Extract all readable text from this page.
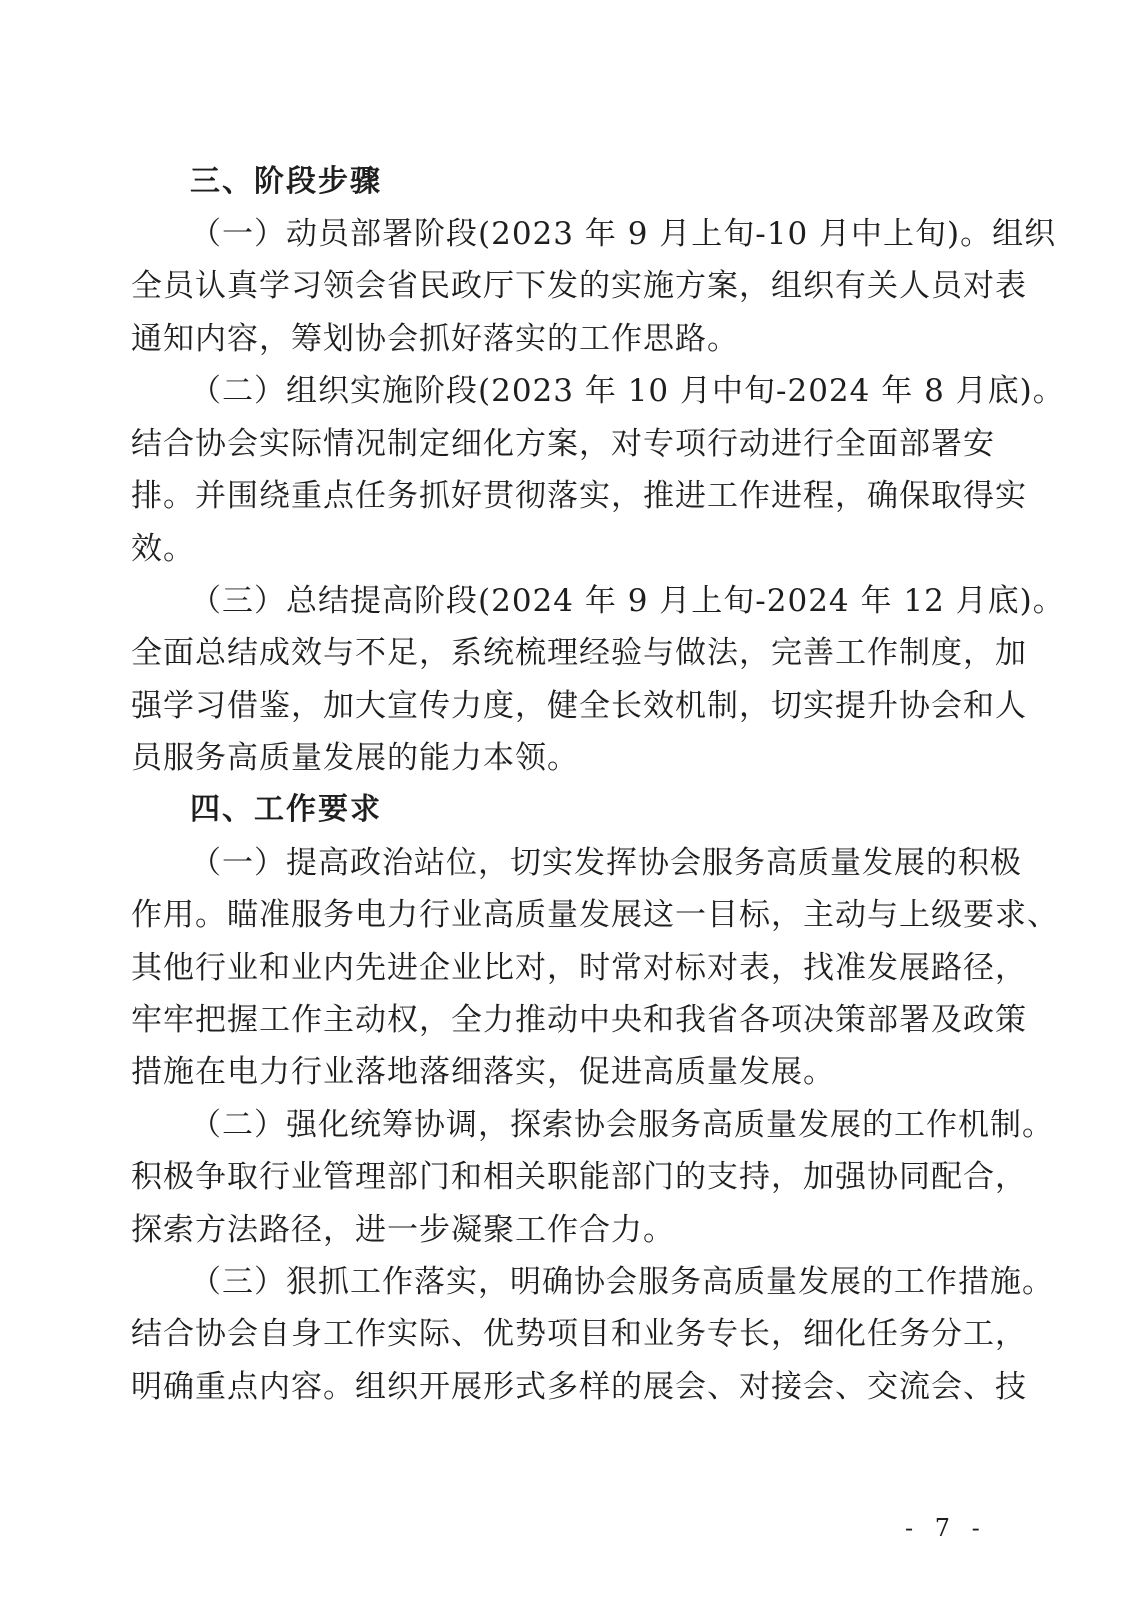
三、阶段步骤
（一）动员部署阶段(2023 年 9 月上旬-10 月中上旬)。组织
全员认真学习领会省民政厅下发的实施方案，组织有关人员对表
通知内容，筹划协会抓好落实的工作思路。
（二）组织实施阶段(2023 年 10 月中旬-2024 年 8 月底)。
结合协会实际情况制定细化方案，对专项行动进行全面部署安
排。并围绕重点任务抓好贯彻落实，推进工作进程，确保取得实
效。
（三）总结提高阶段(2024 年 9 月上旬-2024 年 12 月底)。
全面总结成效与不足，系统梳理经验与做法，完善工作制度，加
强学习借鉴，加大宣传力度，健全长效机制，切实提升协会和人
员服务高质量发展的能力本领。
四、工作要求
（一）提高政治站位，切实发挥协会服务高质量发展的积极
作用。瞄准服务电力行业高质量发展这一目标，主动与上级要求、
其他行业和业内先进企业比对，时常对标对表，找准发展路径，
牢牢把握工作主动权，全力推动中央和我省各项决策部署及政策
措施在电力行业落地落细落实，促进高质量发展。
（二）强化统筹协调，探索协会服务高质量发展的工作机制。
积极争取行业管理部门和相关职能部门的支持，加强协同配合，
探索方法路径，进一步凝聚工作合力。
（三）狠抓工作落实，明确协会服务高质量发展的工作措施。
结合协会自身工作实际、优势项目和业务专长，细化任务分工，
明确重点内容。组织开展形式多样的展会、对接会、交流会、技
- 7 -
